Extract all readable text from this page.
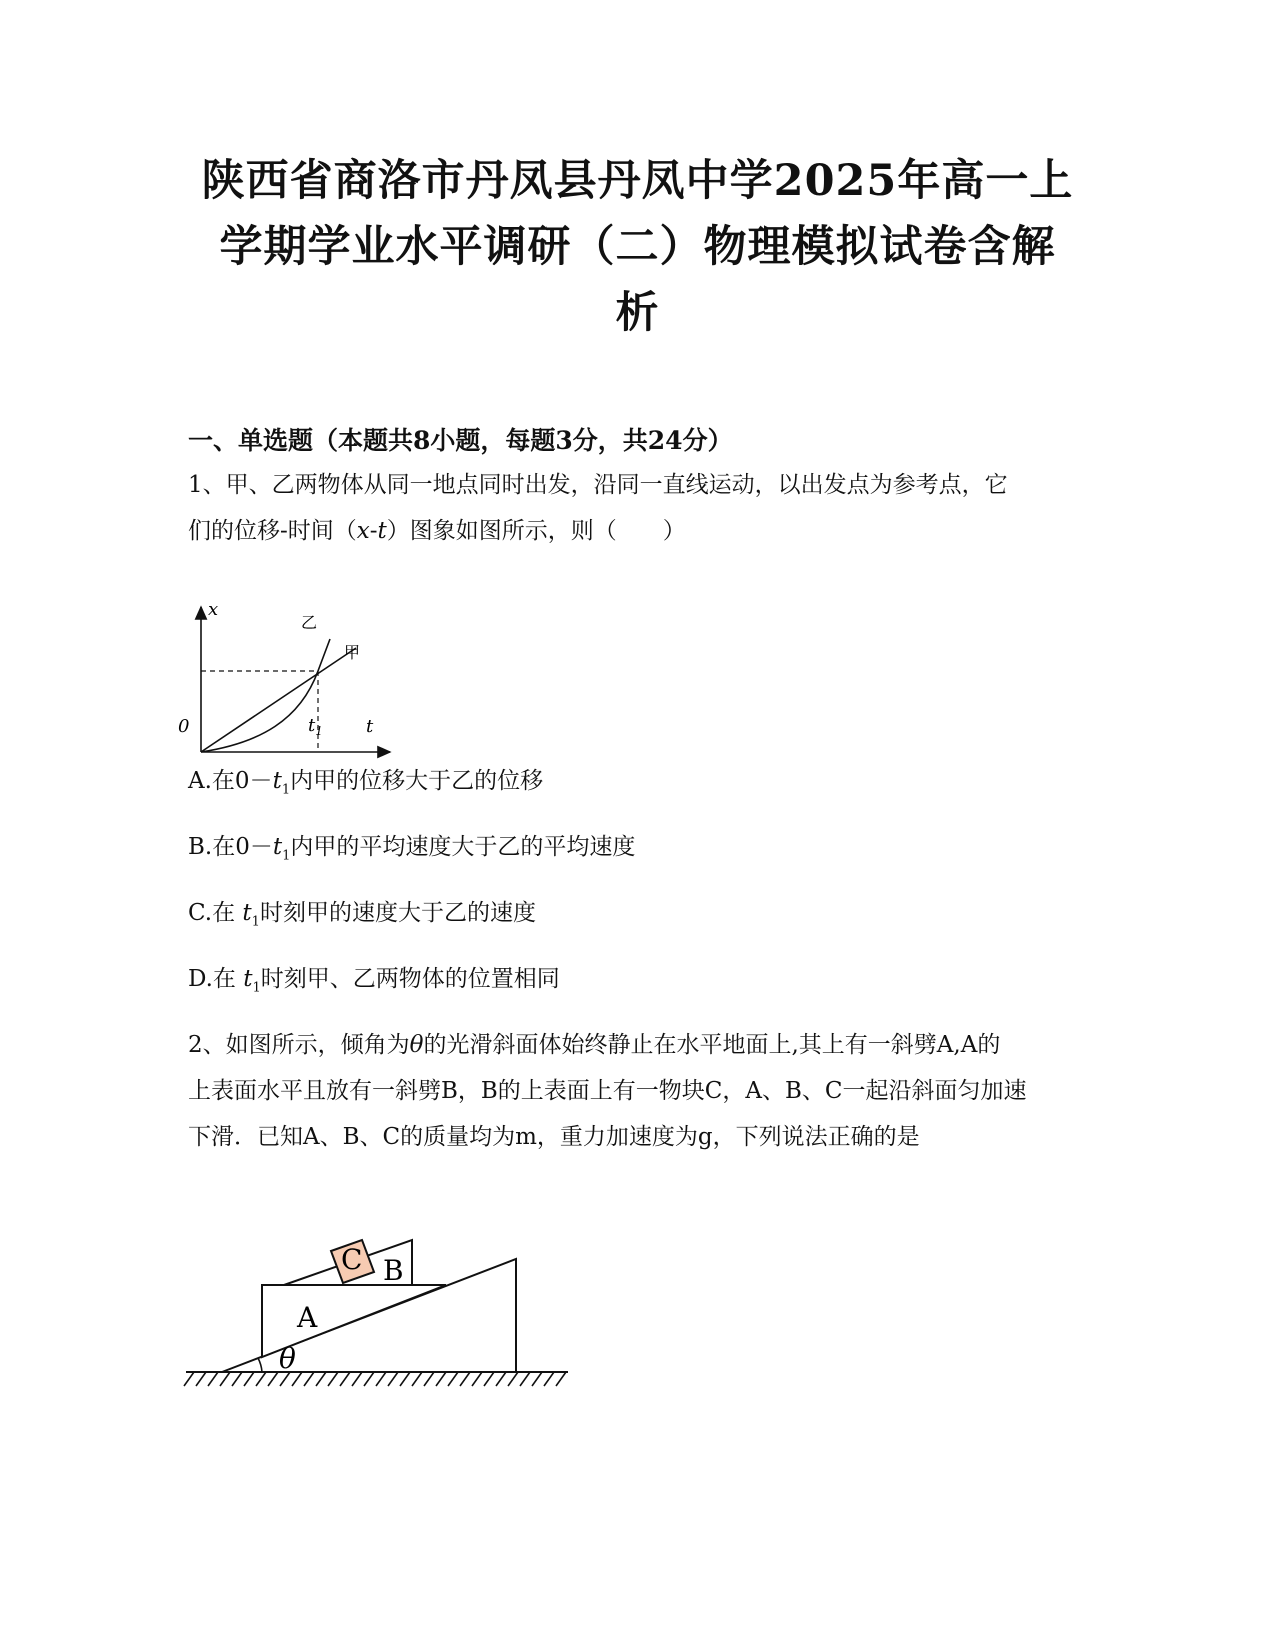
陕西省商洛市丹凤县丹凤中学2025年高一上
学期学业水平调研（二）物理模拟试卷含解
析
一、单选题（本题共8小题，每题3分，共24分）
1、甲、乙两物体从同一地点同时出发，沿同一直线运动，以出发点为参考点，它
们的位移-时间（x-t）图象如图所示，则（　　）
x
t
0	$t_1$
乙
甲
A.在$0-t_1$内甲的位移大于乙的位移
B.在$0-t_1$内甲的平均速度大于乙的平均速度
C.在 $t_1$时刻甲的速度大于乙的速度
D.在 $t_1$时刻甲、乙两物体的位置相同
2、如图所示，倾角为θ的光滑斜面体始终静止在水平地面上,其上有一斜劈A,A的
上表面水平且放有一斜劈B，B的上表面上有一物块C，A、B、C一起沿斜面匀加速
下滑．已知A、B、C的质量均为m，重力加速度为g，下列说法正确的是
C B
A
θ
